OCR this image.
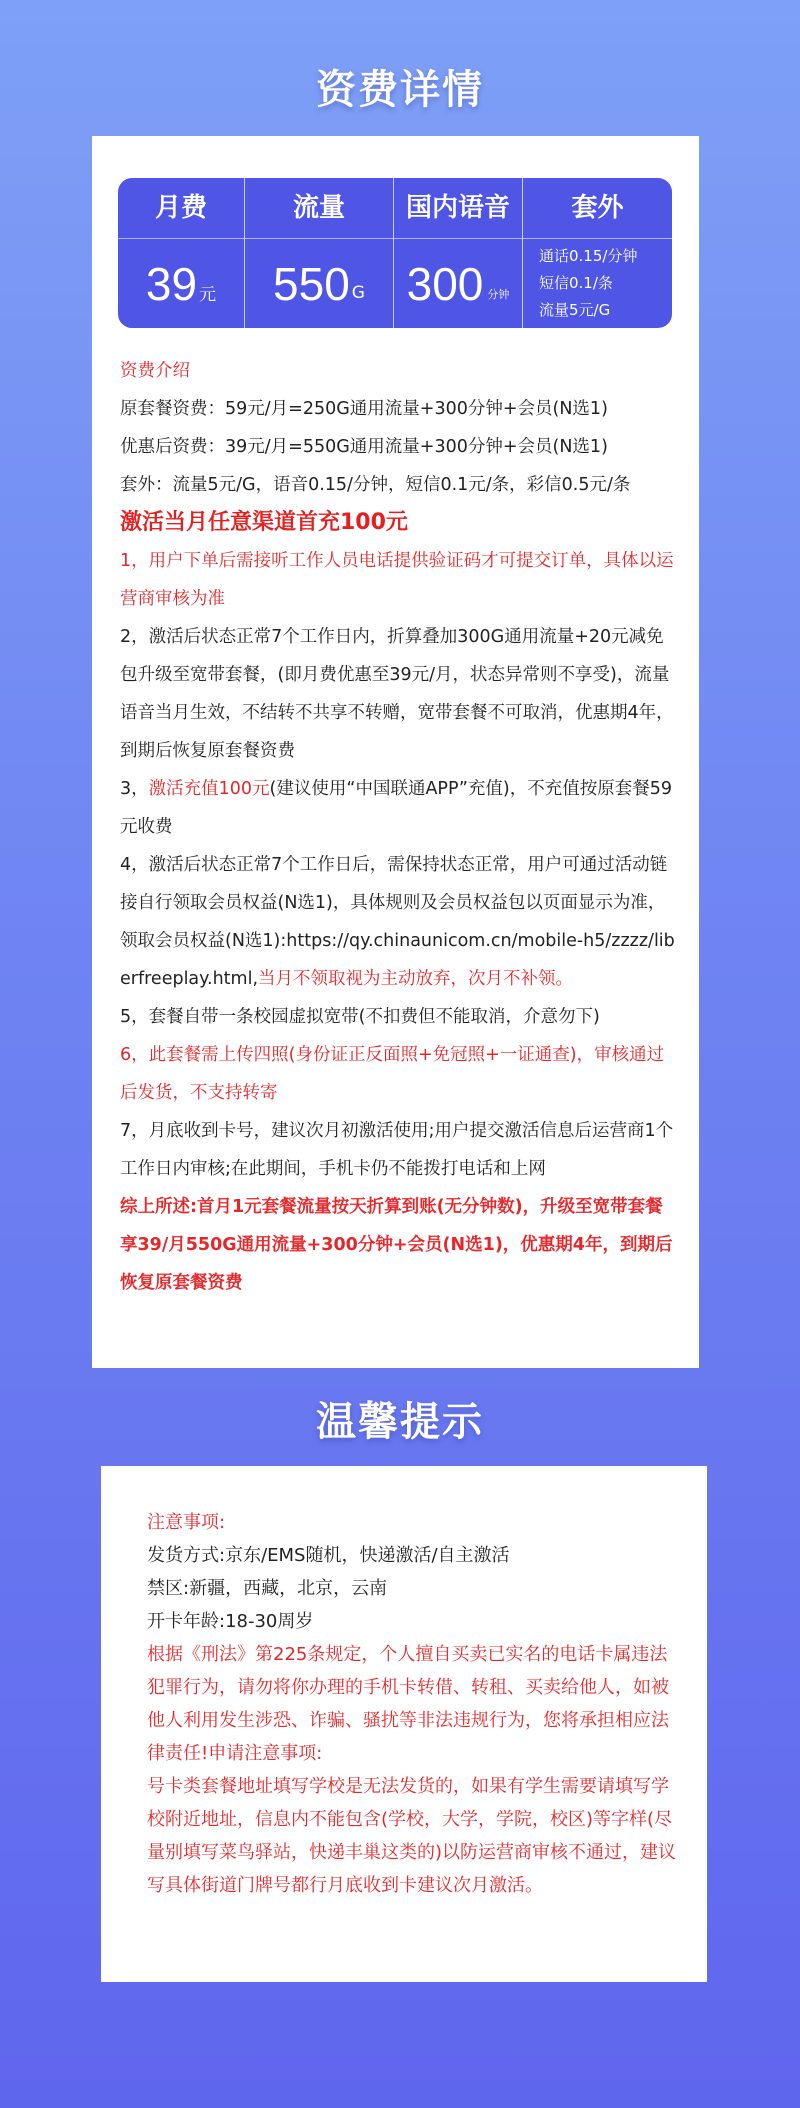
资费详情
月费
39 元
流量
550 G
国内语音
300 分钟
套外
通话0.15/分钟
短信0.1/条
流量5元/G
资费介绍
原套餐资费：59元/月=250G通用流量+300分钟+会员(N选1)
优惠后资费：39元/月=550G通用流量+300分钟+会员(N选1)
套外：流量5元/G，语音0.15/分钟，短信0.1元/条，彩信0.5元/条
激活当月任意渠道首充100元
1，用户下单后需接听工作人员电话提供验证码才可提交订单，具体以运营商审核为准
2，激活后状态正常7个工作日内，折算叠加300G通用流量+20元减免包升级至宽带套餐，(即月费优惠至39元/月，状态异常则不享受)，流量语音当月生效，不结转不共享不转赠，宽带套餐不可取消，优惠期4年，到期后恢复原套餐资费
3，激活充值100元(建议使用“中国联通APP”充值)，不充值按原套餐59元收费
4，激活后状态正常7个工作日后，需保持状态正常，用户可通过活动链接自行领取会员权益(N选1)，具体规则及会员权益包以页面显示为准，领取会员权益(N选1):https://qy.chinaunicom.cn/mobile-h5/zzzz/liberfreeplay.html,当月不领取视为主动放弃，次月不补领。
5，套餐自带一条校园虚拟宽带(不扣费但不能取消，介意勿下)
6，此套餐需上传四照(身份证正反面照+免冠照+一证通查)，审核通过后发货，不支持转寄
7，月底收到卡号，建议次月初激活使用;用户提交激活信息后运营商1个工作日内审核;在此期间，手机卡仍不能拨打电话和上网
综上所述:首月1元套餐流量按天折算到账(无分钟数)，升级至宽带套餐享39/月550G通用流量+300分钟+会员(N选1)，优惠期4年，到期后恢复原套餐资费
温馨提示
注意事项:
发货方式:京东/EMS随机，快递激活/自主激活
禁区:新疆，西藏，北京，云南
开卡年龄:18-30周岁
根据《刑法》第225条规定，个人擅自买卖已实名的电话卡属违法犯罪行为，请勿将你办理的手机卡转借、转租、买卖给他人，如被他人利用发生涉恐、诈骗、骚扰等非法违规行为，您将承担相应法律责任!申请注意事项:
号卡类套餐地址填写学校是无法发货的，如果有学生需要请填写学校附近地址，信息内不能包含(学校，大学，学院，校区)等字样(尽量别填写菜鸟驿站，快递丰巢这类的)以防运营商审核不通过，建议写具体街道门牌号都行月底收到卡建议次月激活。
